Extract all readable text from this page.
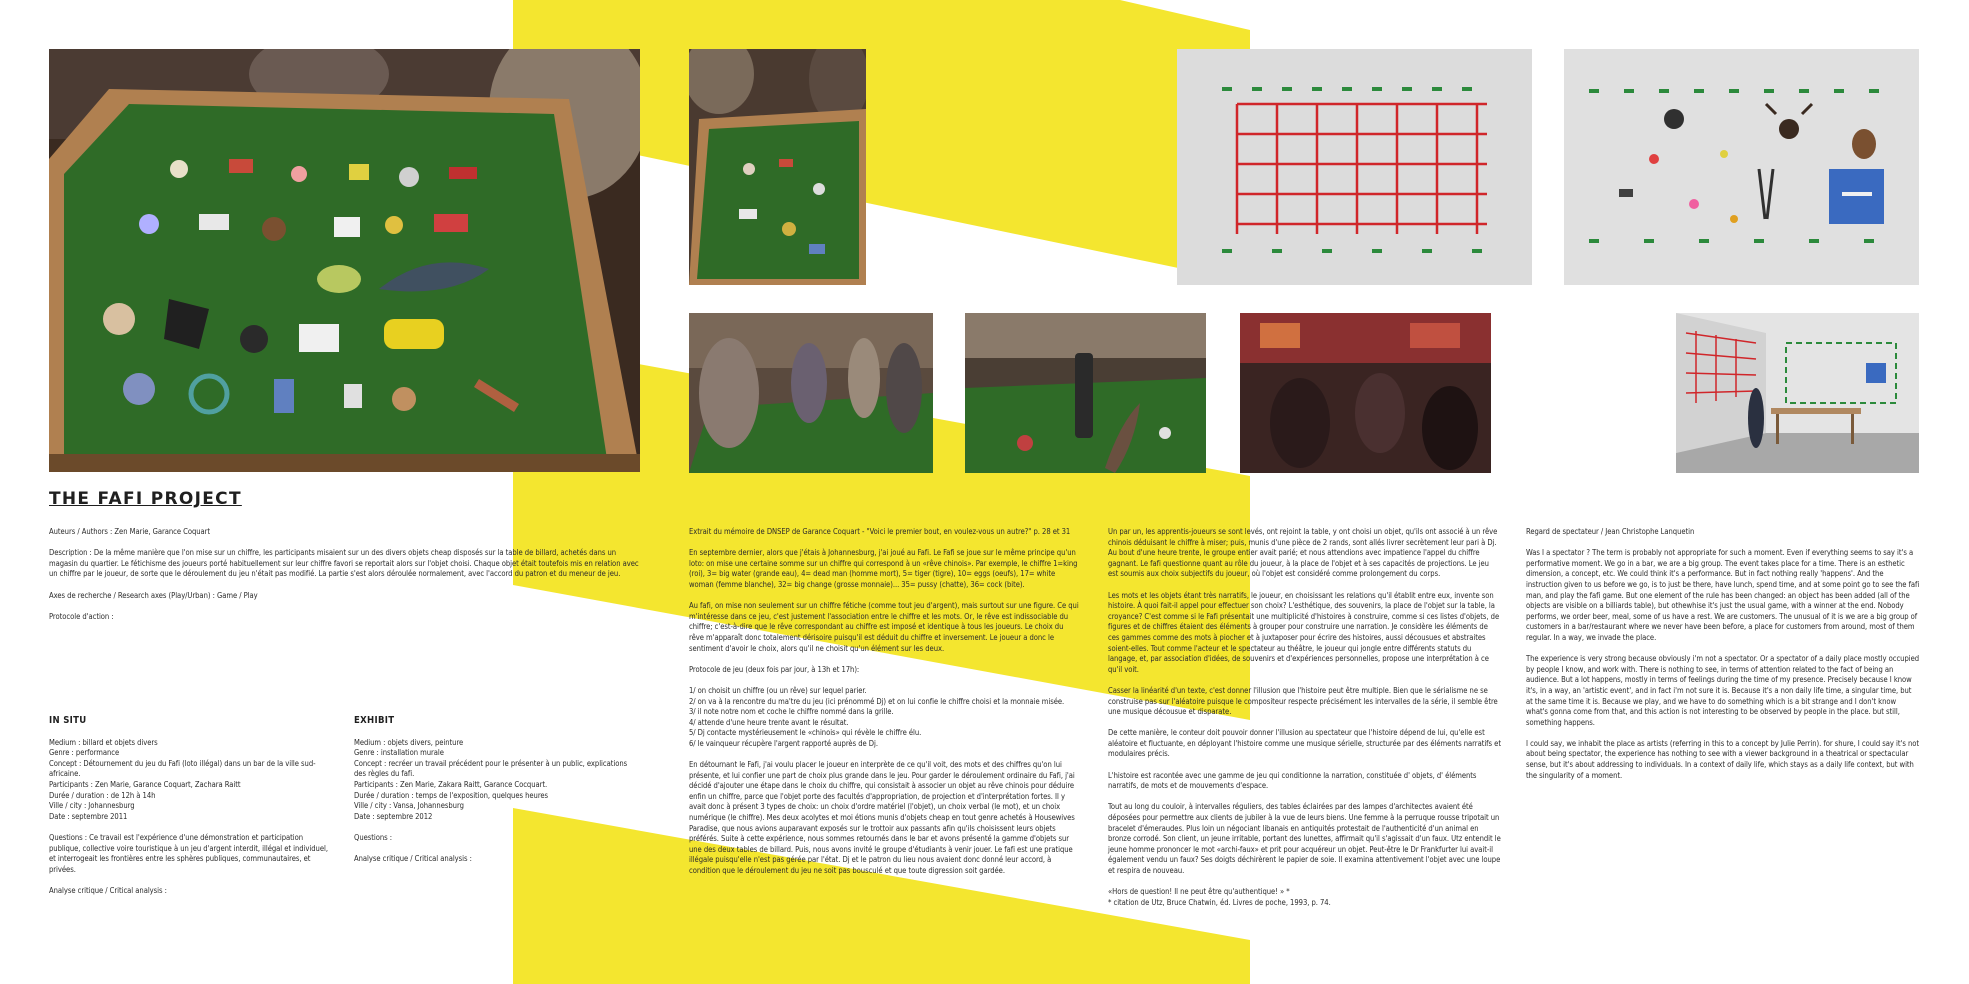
THE FAFI PROJECT

Auteurs / Authors : Zen Marie, Garance Coquart

Description : De la même manière que l'on mise sur un chiffre, les participants misaient sur un des divers objets cheap disposés sur la table de billard, achetés dans un magasin du quartier. Le fétichisme des joueurs porté habituellement sur leur chiffre favori se reportait alors sur l'objet choisi. Chaque objet était toutefois mis en relation avec un chiffre par le joueur, de sorte que le déroulement du jeu n'était pas modifié. La partie s'est alors déroulée normalement, avec l'accord du patron et du meneur de jeu.

Axes de recherche / Research axes (Play/Urban) : Game / Play

Protocole d'action :

IN SITU

Medium : billard et objets divers
Genre : performance
Concept : Détournement du jeu du Fafi (loto illégal) dans un bar de la ville sud-africaine.
Participants : Zen Marie, Garance Coquart, Zachara Raitt
Durée / duration : de 12h à 14h
Ville / city : Johannesburg
Date : septembre 2011

Questions : Ce travail est l'expérience d'une démonstration et participation publique, collective voire touristique à un jeu d'argent interdit, illégal et individuel, et interrogeait les frontières entre les sphères publiques, communautaires, et privées.

Analyse critique / Critical analysis :

EXHIBIT

Medium : objets divers, peinture
Genre : installation murale
Concept : recréer un travail précédent pour le présenter à un public, explications des règles du fafi.
Participants : Zen Marie, Zakara Raitt, Garance Cocquart.
Durée / duration : temps de l'exposition, quelques heures
Ville / city : Vansa, Johannesburg
Date : septembre 2012

Questions :

Analyse critique / Critical analysis :

Extrait du mémoire de DNSEP de Garance Coquart - "Voici le premier bout, en voulez-vous un autre?" p. 28 et 31

En septembre dernier, alors que j'étais à Johannesburg, j'ai joué au Fafi. Le Fafi se joue sur le même principe qu'un loto: on mise une certaine somme sur un chiffre qui correspond à un «rêve chinois». Par exemple, le chiffre 1=king (roi), 3= big water (grande eau), 4= dead man (homme mort), 5= tiger (tigre), 10= eggs (oeufs), 17= white woman (femme blanche), 32= big change (grosse monnaie)... 35= pussy (chatte), 36= cock (bite).

Au fafi, on mise non seulement sur un chiffre fétiche (comme tout jeu d'argent), mais surtout sur une figure. Ce qui m'intéresse dans ce jeu, c'est justement l'association entre le chiffre et les mots. Or, le rêve est indissociable du chiffre; c'est-à-dire que le rêve correspondant au chiffre est imposé et identique à tous les joueurs. Le choix du rêve m'apparaît donc totalement dérisoire puisqu'il est déduit du chiffre et inversement. Le joueur a donc le sentiment d'avoir le choix, alors qu'il ne choisit qu'un élément sur les deux.

Protocole de jeu (deux fois par jour, à 13h et 17h):

1/ on choisit un chiffre (ou un rêve) sur lequel parier.
2/ on va à la rencontre du ma'tre du jeu (ici prénommé Dj) et on lui confie le chiffre choisi et la monnaie misée.
3/ il note notre nom et coche le chiffre nommé dans la grille.
4/ attende d'une heure trente avant le résultat.
5/ Dj contacte mystérieusement le «chinois» qui révèle le chiffre élu.
6/ le vainqueur récupère l'argent rapporté auprès de Dj.

En détournant le Fafi, j'ai voulu placer le joueur en interprète de ce qu'il voit, des mots et des chiffres qu'on lui présente, et lui confier une part de choix plus grande dans le jeu. Pour garder le déroulement ordinaire du Fafi, j'ai décidé d'ajouter une étape dans le choix du chiffre, qui consistait à associer un objet au rêve chinois pour déduire enfin un chiffre, parce que l'objet porte des facultés d'appropriation, de projection et d'interprétation fortes. Il y avait donc à présent 3 types de choix: un choix d'ordre matériel (l'objet), un choix verbal (le mot), et un choix numérique (le chiffre). Mes deux acolytes et moi étions munis d'objets cheap en tout genre achetés à Housewives Paradise, que nous avions auparavant exposés sur le trottoir aux passants afin qu'ils choisissent leurs objets préférés. Suite à cette expérience, nous sommes retournés dans le bar et avons présenté la gamme d'objets sur une des deux tables de billard. Puis, nous avons invité le groupe d'étudiants à venir jouer. Le fafi est une pratique illégale puisqu'elle n'est pas gérée par l'état. Dj et le patron du lieu nous avaient donc donné leur accord, à condition que le déroulement du jeu ne soit pas bousculé et que toute digression soit gardée.

Un par un, les apprentis-joueurs se sont levés, ont rejoint la table, y ont choisi un objet, qu'ils ont associé à un rêve chinois déduisant le chiffre à miser; puis, munis d'une pièce de 2 rands, sont allés livrer secrètement leur pari à Dj. Au bout d'une heure trente, le groupe entier avait parié; et nous attendions avec impatience l'appel du chiffre gagnant. Le fafi questionne quant au rôle du joueur, à la place de l'objet et à ses capacités de projections. Le jeu est soumis aux choix subjectifs du joueur, où l'objet est considéré comme prolongement du corps.

Les mots et les objets étant très narratifs, le joueur, en choisissant les relations qu'il établit entre eux, invente son histoire. À quoi fait-il appel pour effectuer son choix? L'esthétique, des souvenirs, la place de l'objet sur la table, la croyance? C'est comme si le Fafi présentait une multiplicité d'histoires à construire, comme si ces listes d'objets, de figures et de chiffres étaient des éléments à grouper pour construire une narration. Je considère les éléments de ces gammes comme des mots à piocher et à juxtaposer pour écrire des histoires, aussi décousues et abstraites soient-elles. Tout comme l'acteur et le spectateur au théâtre, le joueur qui jongle entre différents statuts du langage, et, par association d'idées, de souvenirs et d'expériences personnelles, propose une interprétation à ce qu'il voit.

Casser la linéarité d'un texte, c'est donner l'illusion que l'histoire peut être multiple. Bien que le sérialisme ne se construise pas sur l'aléatoire puisque le compositeur respecte précisément les intervalles de la série, il semble être une musique décousue et disparate.

De cette manière, le conteur doit pouvoir donner l'illusion au spectateur que l'histoire dépend de lui, qu'elle est aléatoire et fluctuante, en déployant l'histoire comme une musique sérielle, structurée par des éléments narratifs et modulaires précis.

L'histoire est racontée avec une gamme de jeu qui conditionne la narration, constituée d' objets, d' éléments narratifs, de mots et de mouvements d'espace.

Tout au long du couloir, à intervalles réguliers, des tables éclairées par des lampes d'architectes avaient été déposées pour permettre aux clients de jubiler à la vue de leurs biens. Une femme à la perruque rousse tripotait un bracelet d'émeraudes. Plus loin un négociant libanais en antiquités protestait de l'authenticité d'un animal en bronze corrodé. Son client, un jeune irritable, portant des lunettes, affirmait qu'il s'agissait d'un faux. Utz entendit le jeune homme prononcer le mot «archi-faux» et prit pour acquéreur un objet. Peut-être le Dr Frankfurter lui avait-il également vendu un faux? Ses doigts déchirèrent le papier de soie. Il examina attentivement l'objet avec une loupe et respira de nouveau.

«Hors de question! Il ne peut être qu'authentique! » *
* citation de Utz, Bruce Chatwin, éd. Livres de poche, 1993, p. 74.

Regard de spectateur / Jean Christophe Lanquetin

Was I a spectator ? The term is probably not appropriate for such a moment. Even if everything seems to say it's a performative moment. We go in a bar, we are a big group. The event takes place for a time. There is an esthetic dimension, a concept, etc. We could think it's a performance. But in fact nothing really 'happens'. And the instruction given to us before we go, is to just be there, have lunch, spend time, and at some point go to see the fafi man, and play the fafi game. But one element of the rule has been changed: an object has been added (all of the objects are visible on a billiards table), but othewhise it's just the usual game, with a winner at the end. Nobody performs, we order beer, meal, some of us have a rest. We are customers. The unusual of it is we are a big group of customers in a bar/restaurant where we never have been before, a place for customers from around, most of them regular. In a way, we invade the place.

The experience is very strong because obviously i'm not a spectator. Or a spectator of a daily place mostly occupied by people I know, and work with. There is nothing to see, in terms of attention related to the fact of being an audience. But a lot happens, mostly in terms of feelings during the time of my presence. Precisely because I know it's, in a way, an 'artistic event', and in fact i'm not sure it is. Because it's a non daily life time, a singular time, but at the same time it is. Because we play, and we have to do something which is a bit strange and I don't know what's gonna come from that, and this action is not interesting to be observed by people in the place. but still, something happens.

I could say, we inhabit the place as artists (referring in this to a concept by Julie Perrin). for shure, I could say it's not about being spectator, the experience has nothing to see with a viewer background in a theatrical or spectacular sense, but it's about addressing to individuals. In a context of daily life, which stays as a daily life context, but with the singularity of a moment.
